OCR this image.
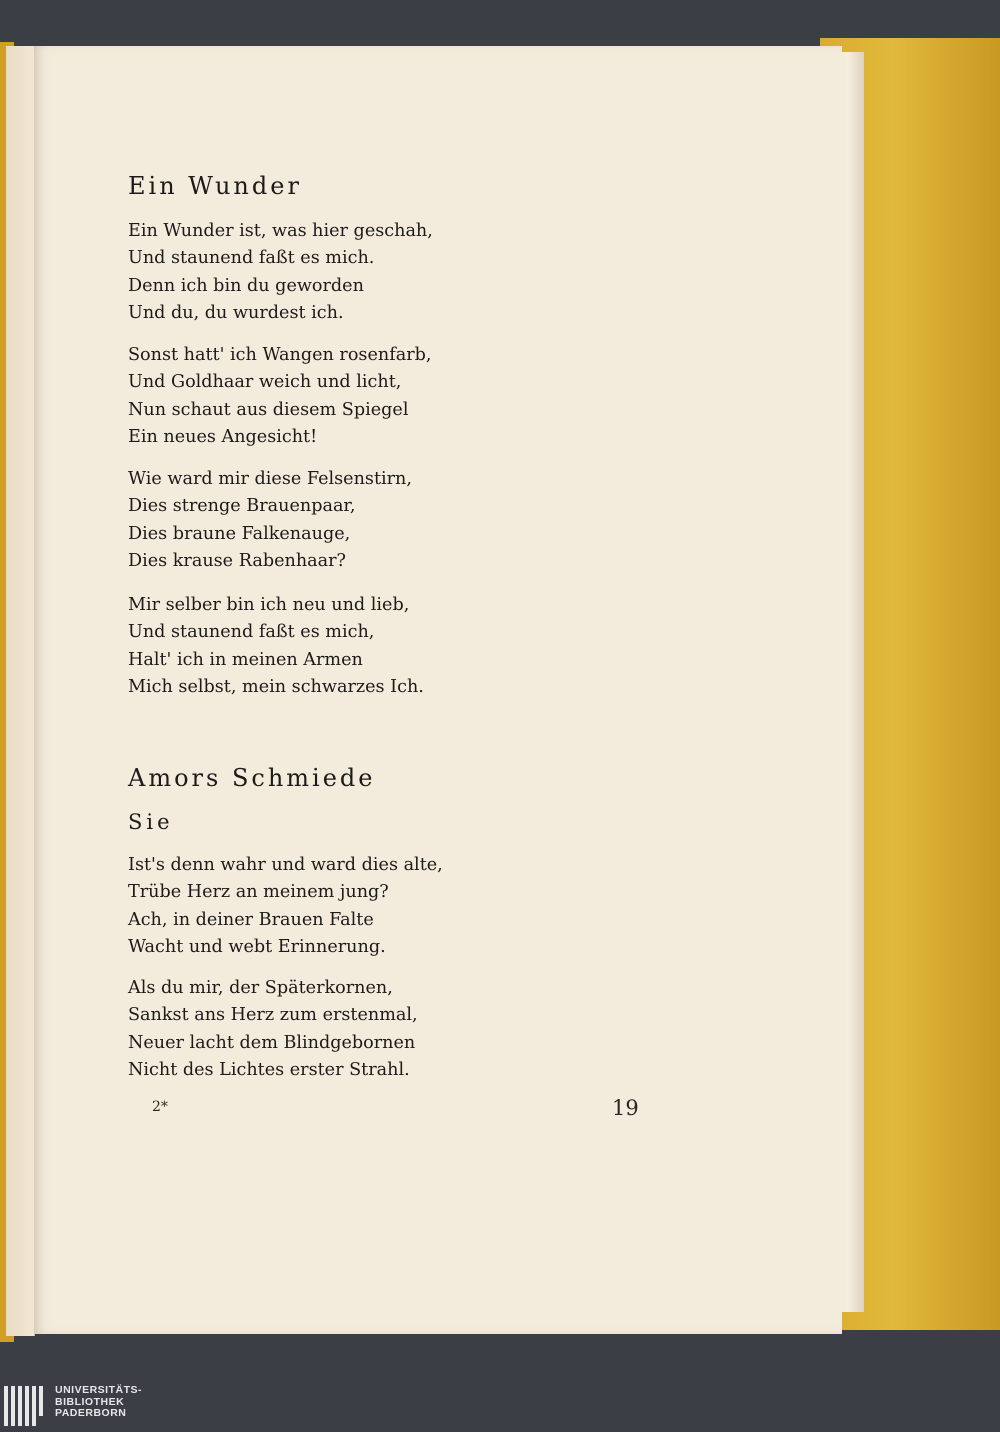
Ein Wunder
Ein Wunder ist, was hier geschah,
Und staunend faßt es mich.
Denn ich bin du geworden
Und du, du wurdest ich.
Sonst hatt' ich Wangen rosenfarb,
Und Goldhaar weich und licht,
Nun schaut aus diesem Spiegel
Ein neues Angesicht!
Wie ward mir diese Felsenstirn,
Dies strenge Brauenpaar,
Dies braune Falkenauge,
Dies krause Rabenhaar?
Mir selber bin ich neu und lieb,
Und staunend faßt es mich,
Halt' ich in meinen Armen
Mich selbst, mein schwarzes Ich.
Amors Schmiede
Sie
Ist's denn wahr und ward dies alte,
Trübe Herz an meinem jung?
Ach, in deiner Brauen Falte
Wacht und webt Erinnerung.
Als du mir, der Späterkornen,
Sankst ans Herz zum erstenmal,
Neuer lacht dem Blindgebornen
Nicht des Lichtes erster Strahl.
2*	19
UNIVERSITÄTS-
BIBLIOTHEK
PADERBORN
